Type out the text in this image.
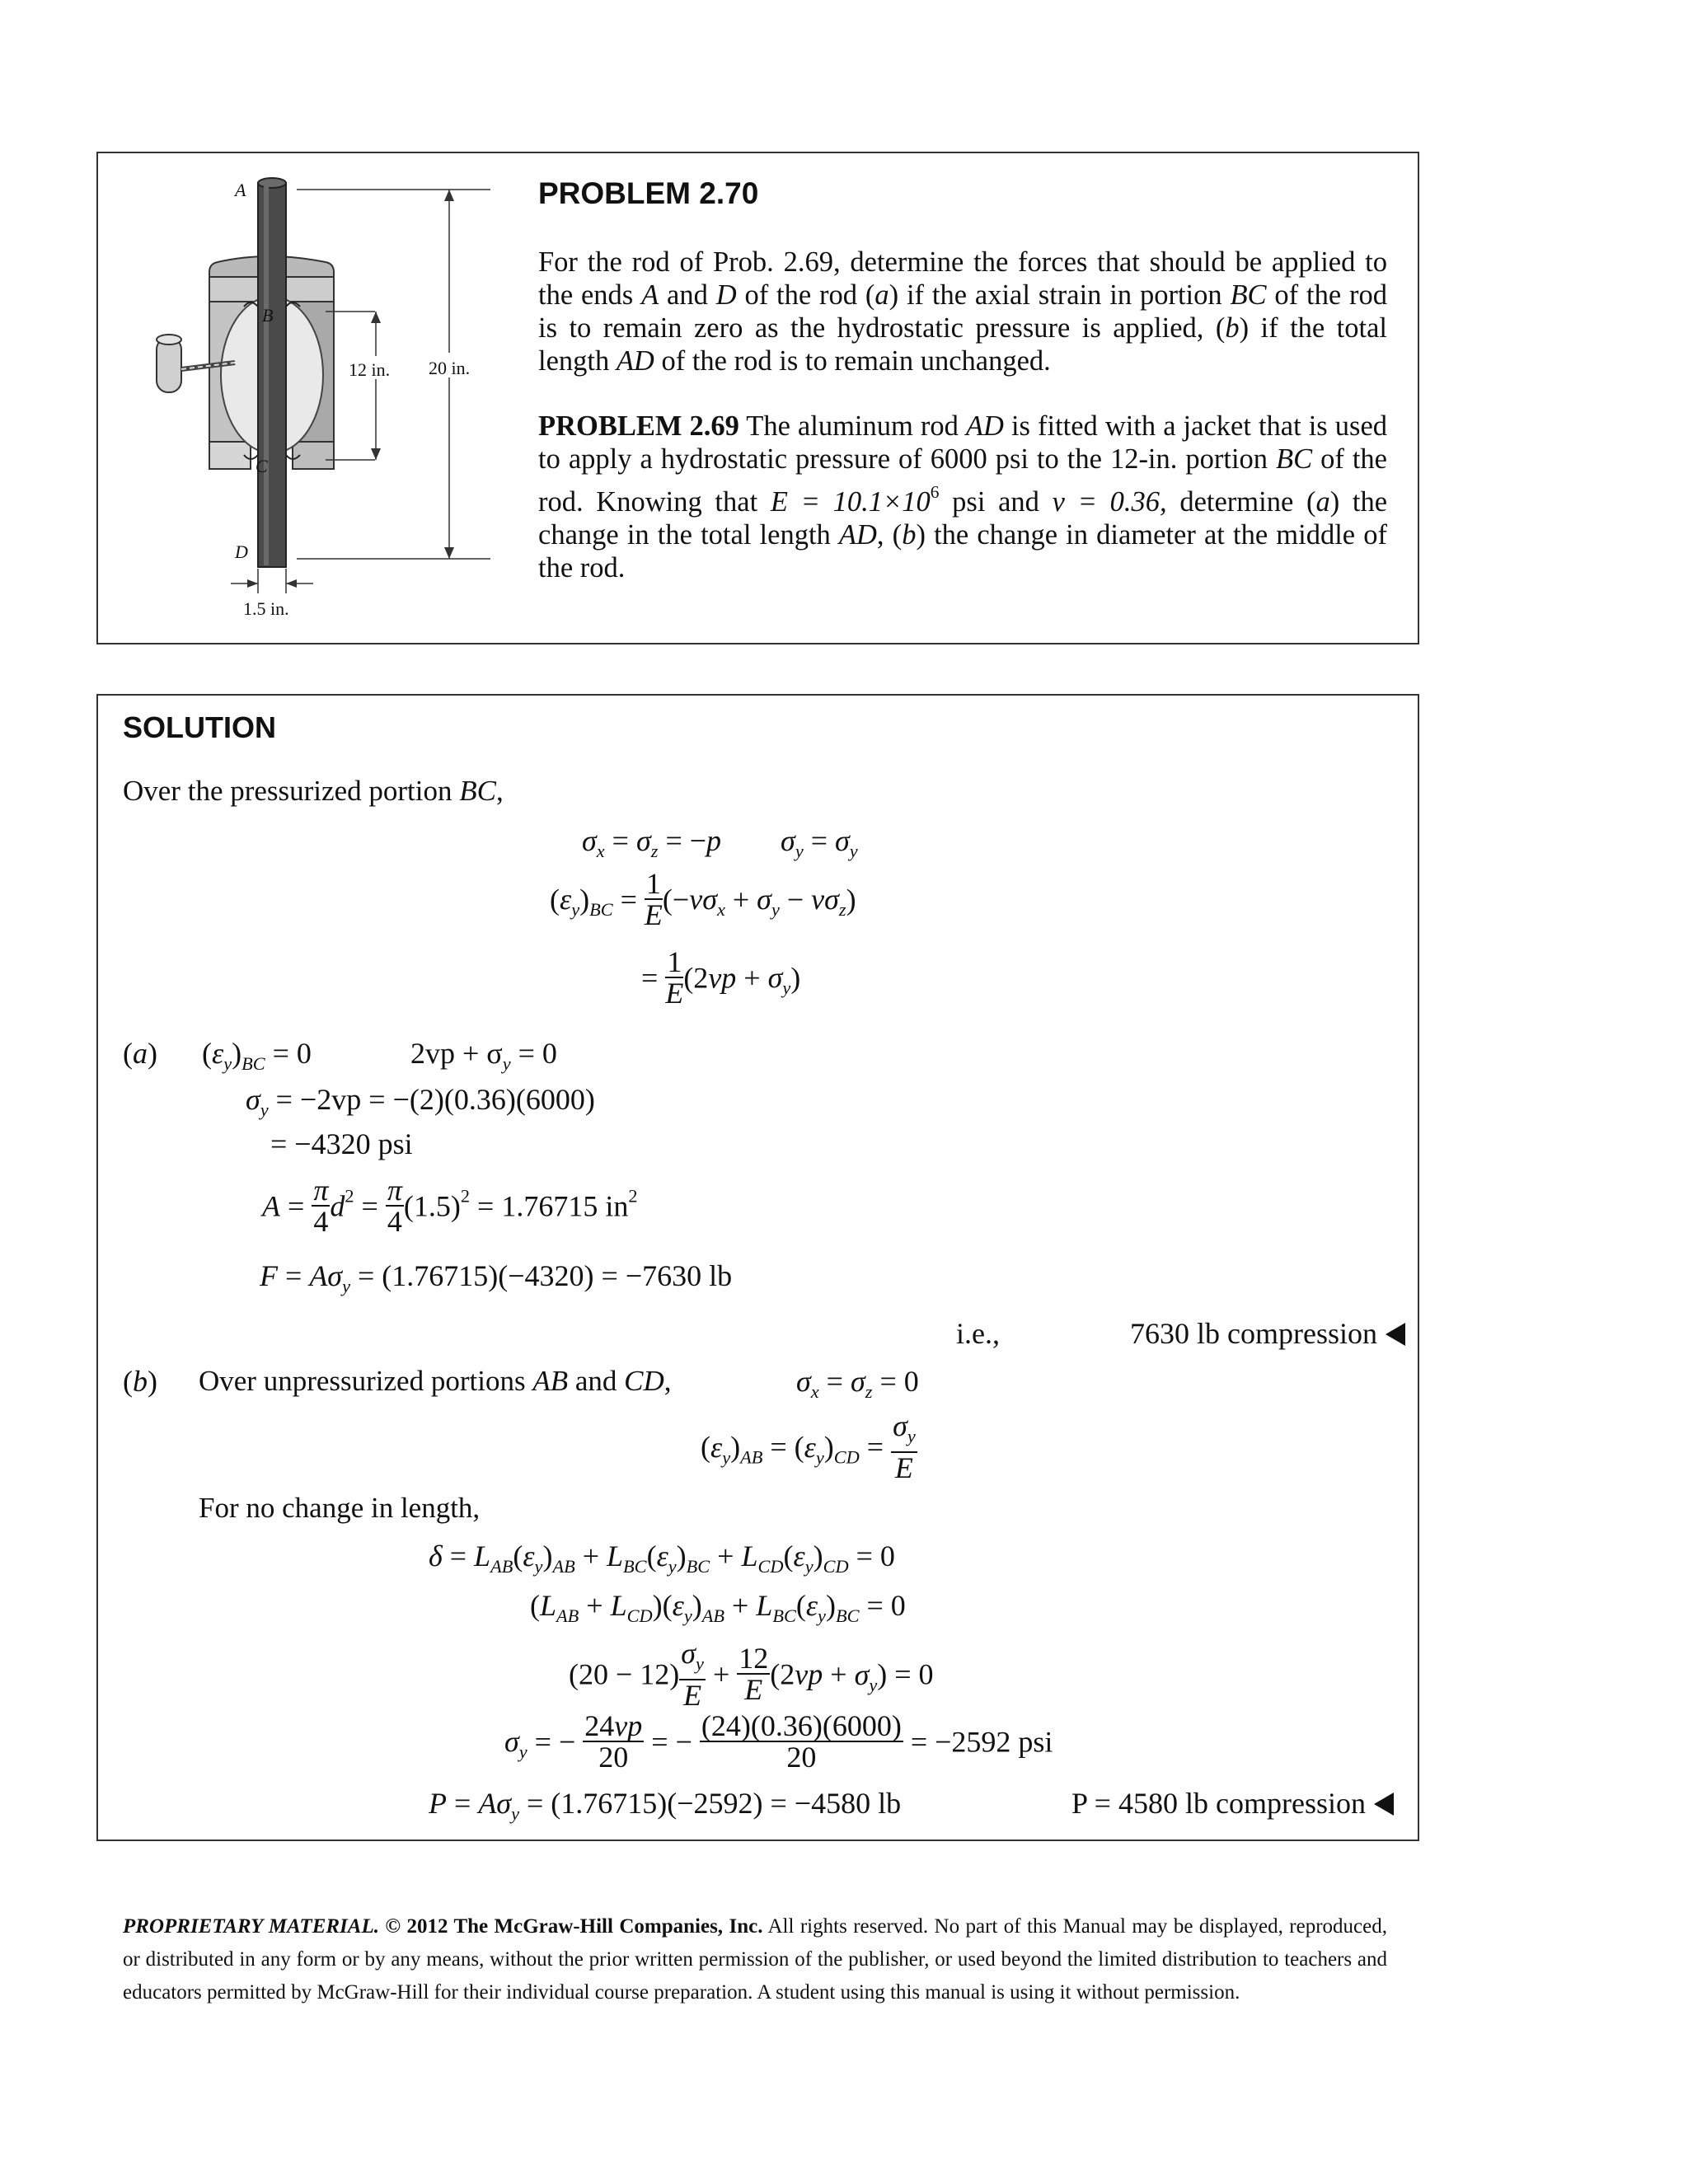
A
B
C
D
20 in.
12 in.
1.5 in.
PROBLEM 2.70
For the rod of Prob. 2.69, determine the forces that should be applied to the ends A and D of the rod (a) if the axial strain in portion BC of the rod is to remain zero as the hydrostatic pressure is applied, (b) if the total length AD of the rod is to remain unchanged.
PROBLEM 2.69 The aluminum rod AD is fitted with a jacket that is used to apply a hydrostatic pressure of 6000 psi to the 12-in. portion BC of the rod. Knowing that $E = 10.1\times 10^6$ psi and v = 0.36, determine (a) the change in the total length AD, (b) the change in diameter at the middle of the rod.
SOLUTION
Over the pressurized portion BC,
$\sigma_x = \sigma_z = -p$ $\sigma_y = \sigma_y$
$(\varepsilon_y)_{BC} = \frac{1}{E} (-\nu\sigma_x + \sigma_y - \nu\sigma_z)$
= $\frac{1}{E} (2\nu p + \sigma_y)$
(a) $(\varepsilon_y)_{BC} = 0$	$2vp + \sigma_y = 0$
$\sigma_y = -2vp = -(2)(0.36)(6000)$
= −4320 psi
$A = \frac{\pi}{4} d^2 = \frac{\pi}{4} (1.5)^2 = 1.76715$ $in^2$
$F = A\sigma_y = (1.76715)(-4320) = -7630$ lb
i.e.,	7630 lb compression
(b) Over unpressurized portions AB and CD,	$\sigma_x = \sigma_z = 0$
$(\varepsilon_y)_{AB} = (\varepsilon_y)_{CD} = \frac{\sigma_y}{E}$
For no change in length,
$\delta = L_{AB}(\varepsilon_y)_{AB} + L_{BC}(\varepsilon_y)_{BC} + L_{CD}(\varepsilon_y)_{CD} = 0$
$(L_{AB} + L_{CD})(\varepsilon_y)_{AB} + L_{BC}(\varepsilon_y)_{BC} = 0$
$(20 - 12) \frac{\sigma_y}{E} + \frac{12}{E} (2\nu p + \sigma_y) = 0$
$\sigma_y$ = − $\frac{24\nu p}{20}$ = − $\frac{(24)(0.36)(6000)}{20} = -2592$ psi
$P = A\sigma_y = (1.76715)(-2592) = -4580$ lb	P = 4580 lb compression
PROPRIETARY MATERIAL. © 2012 The McGraw-Hill Companies, Inc. All rights reserved. No part of this Manual may be displayed, reproduced, or distributed in any form or by any means, without the prior written permission of the publisher, or used beyond the limited distribution to teachers and educators permitted by McGraw-Hill for their individual course preparation. A student using this manual is using it without permission.
